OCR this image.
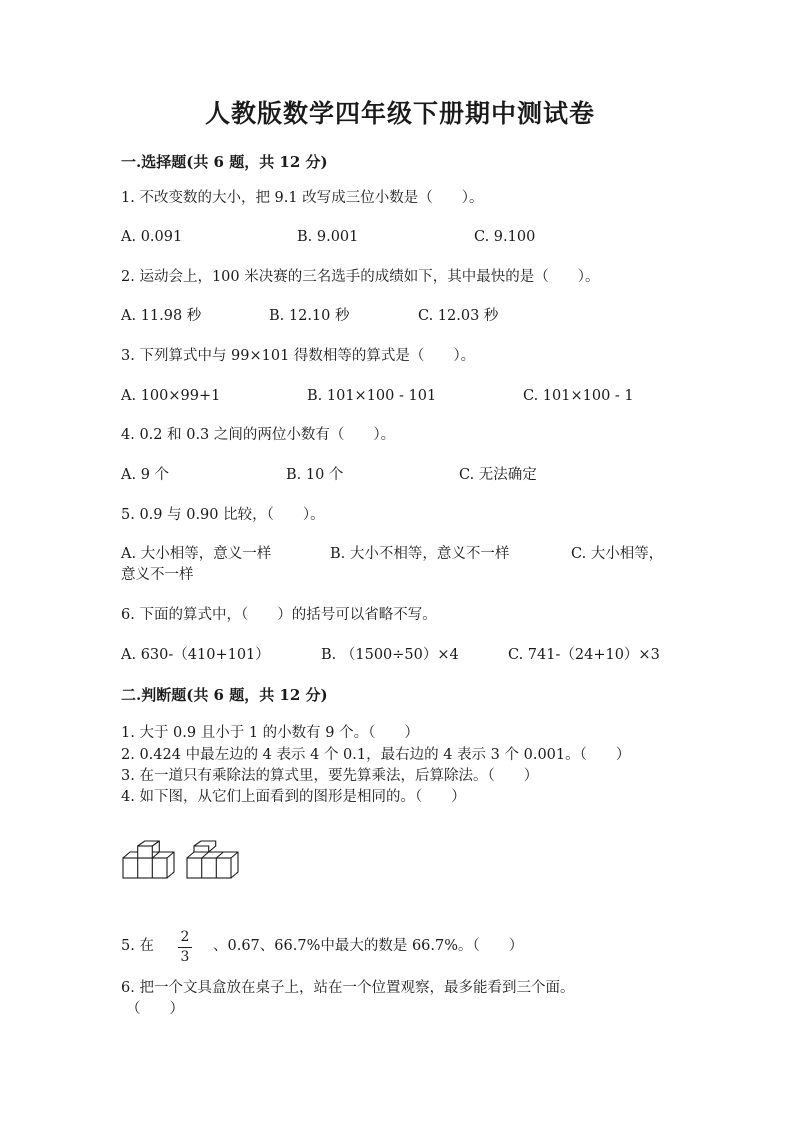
人教版数学四年级下册期中测试卷
一.选择题(共 6 题，共 12 分)
1. 不改变数的大小，把 9.1 改写成三位小数是（　　）。
A. 0.091	B. 9.001	C. 9.100
2. 运动会上，100 米决赛的三名选手的成绩如下，其中最快的是（　　）。
A. 11.98 秒	B. 12.10 秒	C. 12.03 秒
3. 下列算式中与 99×101 得数相等的算式是（　　）。
A. 100×99+1	B. 101×100 - 101	C. 101×100 - 1
4. 0.2 和 0.3 之间的两位小数有（　　）。
A. 9 个	B. 10 个	C. 无法确定
5. 0.9 与 0.90 比较，（　　）。
A. 大小相等，意义一样	B. 大小不相等，意义不一样	C. 大小相等，
意义不一样
6. 下面的算式中，（　　）的括号可以省略不写。
A. 630-（410+101）	B. （1500÷50）×4	C. 741-（24+10）×3
二.判断题(共 6 题，共 12 分)
1. 大于 0.9 且小于 1 的小数有 9 个。（　　）
2. 0.424 中最左边的 4 表示 4 个 0.1，最右边的 4 表示 3 个 0.001。（　　）
3. 在一道只有乘除法的算式里，要先算乘法，后算除法。（　　）
4. 如下图，从它们上面看到的图形是相同的。（　　）
5. 在
2
3
、0.67、66.7%中最大的数是 66.7%。（　　）
6. 把一个文具盒放在桌子上，站在一个位置观察，最多能看到三个面。
（　　）
